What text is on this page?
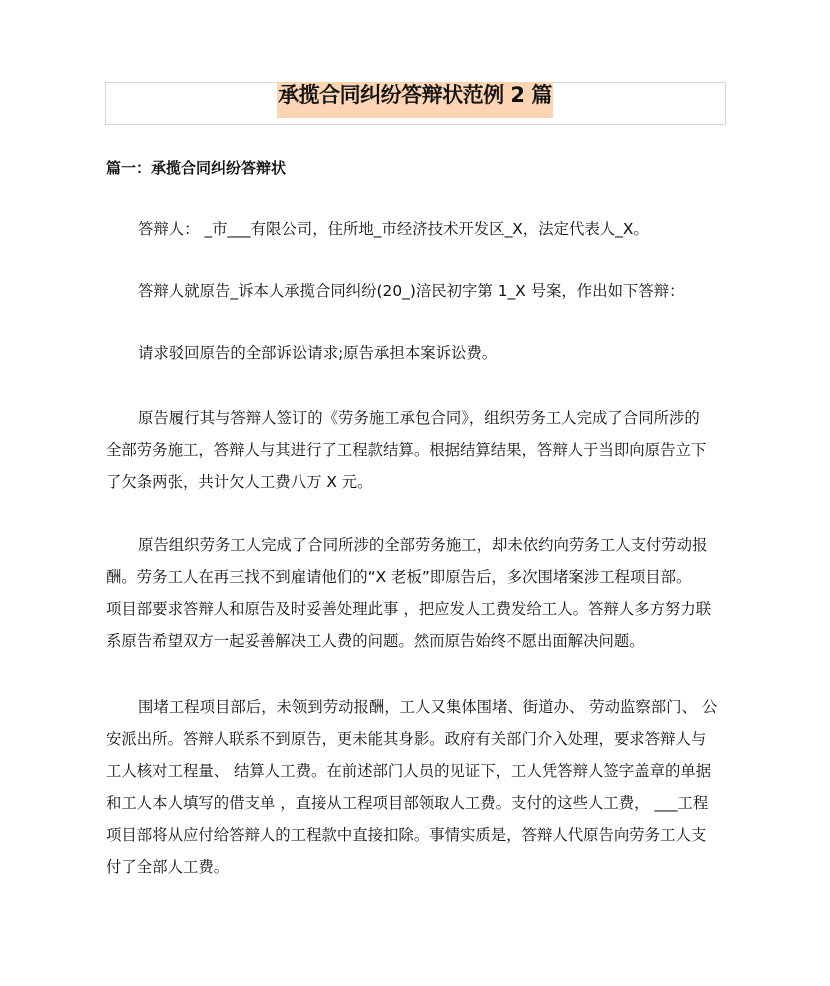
承揽合同纠纷答辩状范例 2 篇
篇一：承揽合同纠纷答辩状
答辩人： _市___有限公司，住所地_市经济技术开发区_X，法定代表人_X。
答辩人就原告_诉本人承揽合同纠纷(20_)涪民初字第 1_X 号案，作出如下答辩：
请求驳回原告的全部诉讼请求;原告承担本案诉讼费。
原告履行其与答辩人签订的《劳务施工承包合同》，组织劳务工人完成了合同所涉的
全部劳务施工，答辩人与其进行了工程款结算。根据结算结果，答辩人于当即向原告立下
了欠条两张，共计欠人工费八万 X 元。
原告组织劳务工人完成了合同所涉的全部劳务施工，却未依约向劳务工人支付劳动报
酬。劳务工人在再三找不到雇请他们的“X 老板”即原告后，多次围堵案涉工程项目部。
项目部要求答辩人和原告及时妥善处理此事 ，把应发人工费发给工人。答辩人多方努力联
系原告希望双方一起妥善解决工人费的问题。然而原告始终不愿出面解决问题。
围堵工程项目部后，未领到劳动报酬，工人又集体围堵、街道办、 劳动监察部门、 公
安派出所。答辩人联系不到原告，更未能其身影。政府有关部门介入处理，要求答辩人与
工人核对工程量、 结算人工费。在前述部门人员的见证下，工人凭答辩人签字盖章的单据
和工人本人填写的借支单 ，直接从工程项目部领取人工费。支付的这些人工费， ___工程
项目部将从应付给答辩人的工程款中直接扣除。事情实质是，答辩人代原告向劳务工人支
付了全部人工费。
